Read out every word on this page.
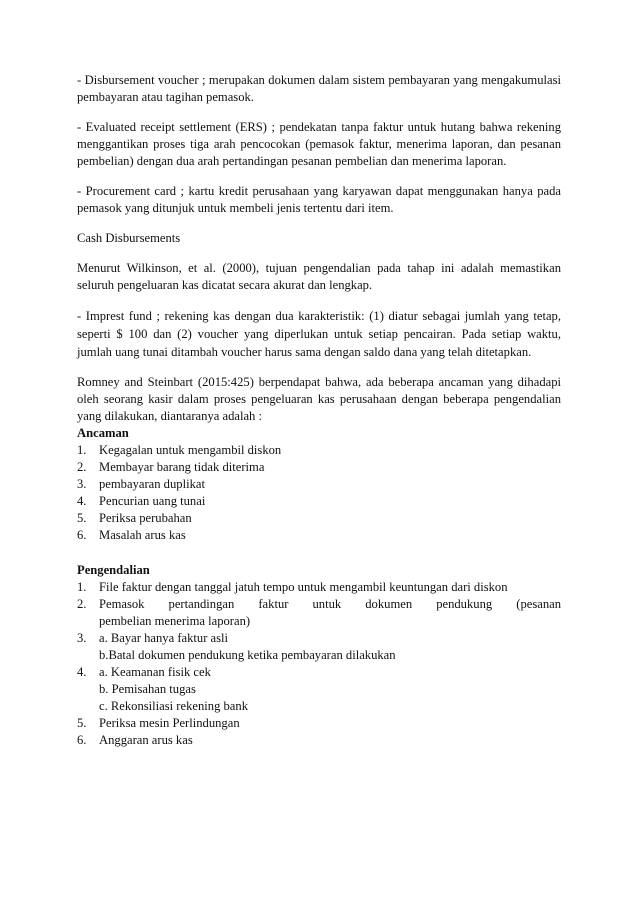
- Disbursement voucher ; merupakan dokumen dalam sistem pembayaran yang mengakumulasi pembayaran atau tagihan pemasok.

- Evaluated receipt settlement (ERS) ; pendekatan tanpa faktur untuk hutang bahwa rekening menggantikan proses tiga arah pencocokan (pemasok faktur, menerima laporan, dan pesanan pembelian) dengan dua arah pertandingan pesanan pembelian dan menerima laporan.

- Procurement card ; kartu kredit perusahaan yang karyawan dapat menggunakan hanya pada pemasok yang ditunjuk untuk membeli jenis tertentu dari item.

Cash Disbursements

Menurut Wilkinson, et al. (2000), tujuan pengendalian pada tahap ini adalah memastikan seluruh pengeluaran kas dicatat secara akurat dan lengkap.

- Imprest fund ; rekening kas dengan dua karakteristik: (1) diatur sebagai jumlah yang tetap, seperti $ 100 dan (2) voucher yang diperlukan untuk setiap pencairan. Pada setiap waktu, jumlah uang tunai ditambah voucher harus sama dengan saldo dana yang telah ditetapkan.

Romney and Steinbart (2015:425) berpendapat bahwa, ada beberapa ancaman yang dihadapi oleh seorang kasir dalam proses pengeluaran kas perusahaan dengan beberapa pengendalian yang dilakukan, diantaranya adalah :

Ancaman
1. Kegagalan untuk mengambil diskon
2. Membayar barang tidak diterima
3. pembayaran duplikat
4. Pencurian uang tunai
5. Periksa perubahan
6. Masalah arus kas
Pengendalian
1. File faktur dengan tanggal jatuh tempo untuk mengambil keuntungan dari diskon
2. Pemasok pertandingan faktur untuk dokumen pendukung (pesanan
pembelian menerima laporan)
3. a. Bayar hanya faktur asli
b.Batal dokumen pendukung ketika pembayaran dilakukan
4. a. Keamanan fisik cek
b. Pemisahan tugas
c. Rekonsiliasi rekening bank
5. Periksa mesin Perlindungan
6. Anggaran arus kas
